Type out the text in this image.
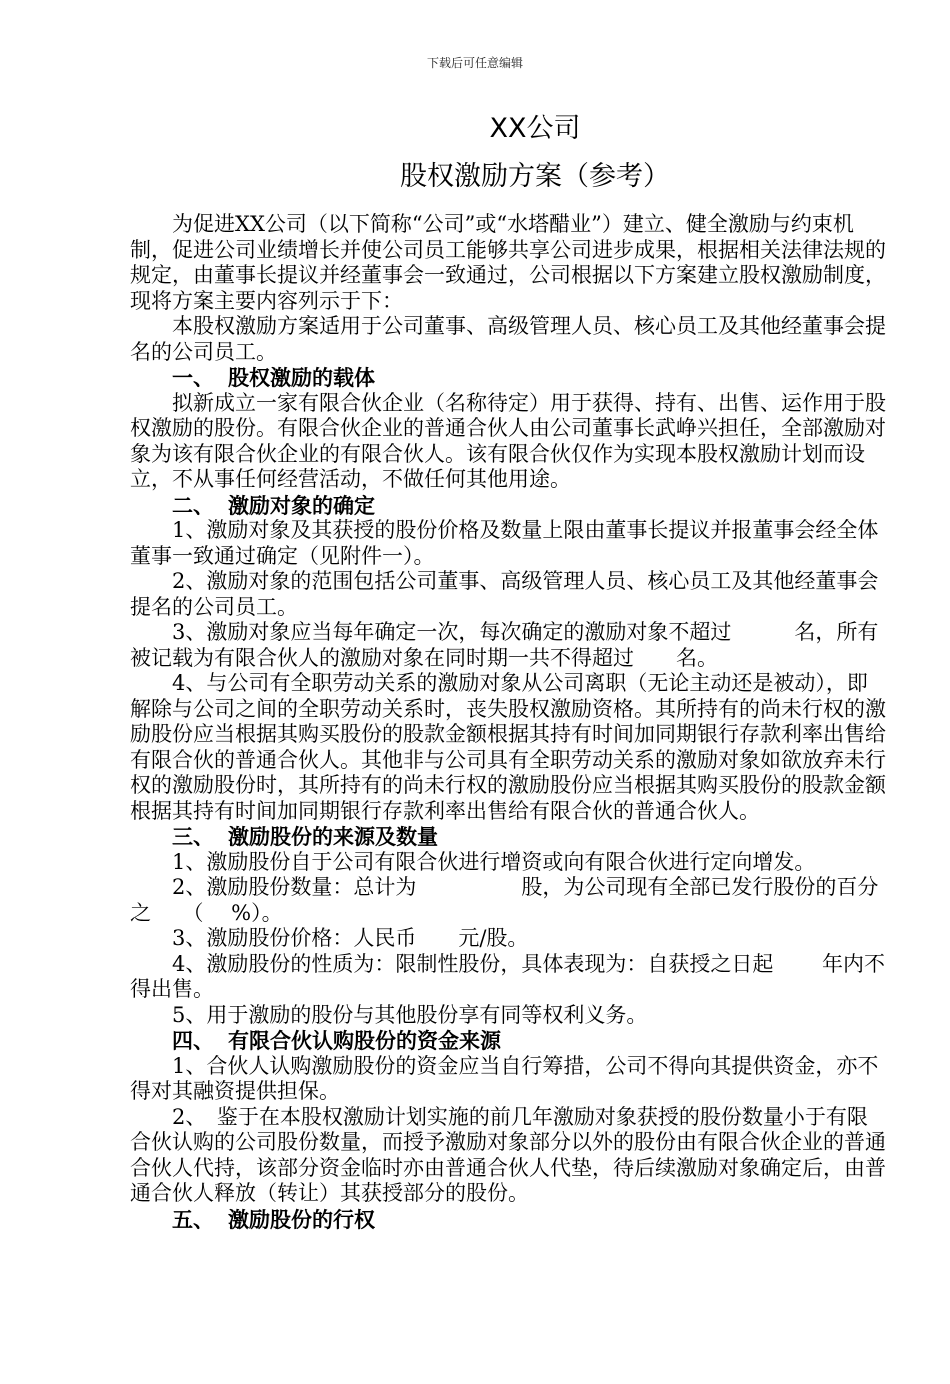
下载后可任意编辑
XX公司
股权激励方案（参考）

为促进XX公司（以下简称“公司”或“水塔醋业”）建立、健全激励与约束机制，促进公司业绩增长并使公司员工能够共享公司进步成果，根据相关法律法规的规定，由董事长提议并经董事会一致通过，公司根据以下方案建立股权激励制度，现将方案主要内容列示于下：

本股权激励方案适用于公司董事、高级管理人员、核心员工及其他经董事会提名的公司员工。

一、 股权激励的载体

拟新成立一家有限合伙企业（名称待定）用于获得、持有、出售、运作用于股权激励的股份。有限合伙企业的普通合伙人由公司董事长武峥兴担任，全部激励对象为该有限合伙企业的有限合伙人。该有限合伙仅作为实现本股权激励计划而设立，不从事任何经营活动，不做任何其他用途。

二、 激励对象的确定

1、激励对象及其获授的股份价格及数量上限由董事长提议并报董事会经全体董事一致通过确定（见附件一）。

2、激励对象的范围包括公司董事、高级管理人员、核心员工及其他经董事会提名的公司员工。

3、激励对象应当每年确定一次，每次确定的激励对象不超过　　　名，所有被记载为有限合伙人的激励对象在同时期一共不得超过　　名。

4、与公司有全职劳动关系的激励对象从公司离职（无论主动还是被动），即解除与公司之间的全职劳动关系时，丧失股权激励资格。其所持有的尚未行权的激励股份应当根据其购买股份的股款金额根据其持有时间加同期银行存款利率出售给有限合伙的普通合伙人。其他非与公司具有全职劳动关系的激励对象如欲放弃未行权的激励股份时，其所持有的尚未行权的激励股份应当根据其购买股份的股款金额根据其持有时间加同期银行存款利率出售给有限合伙的普通合伙人。

三、 激励股份的来源及数量

1、激励股份自于公司有限合伙进行增资或向有限合伙进行定向增发。

2、激励股份数量：总计为　　　　　股，为公司现有全部已发行股份的百分之　　（　 %）。

3、激励股份价格：人民币　　元/股。

4、激励股份的性质为：限制性股份，具体表现为：自获授之日起　　 年内不得出售。

5、用于激励的股份与其他股份享有同等权利义务。

四、 有限合伙认购股份的资金来源

1、合伙人认购激励股份的资金应当自行筹措，公司不得向其提供资金，亦不得对其融资提供担保。

2、　鉴于在本股权激励计划实施的前几年激励对象获授的股份数量小于有限合伙认购的公司股份数量，而授予激励对象部分以外的股份由有限合伙企业的普通合伙人代持，该部分资金临时亦由普通合伙人代垫，待后续激励对象确定后，由普通合伙人释放（转让）其获授部分的股份。

五、 激励股份的行权
